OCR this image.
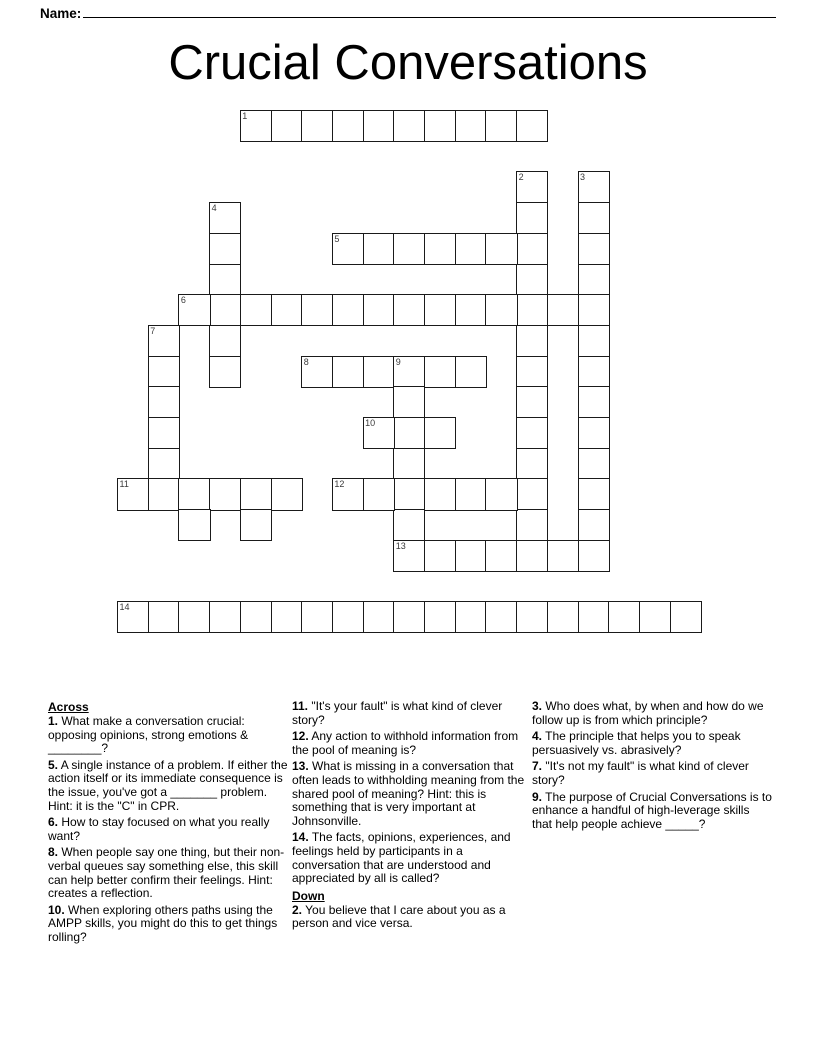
Name:
Crucial Conversations
1
2	3
4
5
6
7
8	9
10
11	12
13
14
Across
1. What make a conversation crucial: opposing opinions, strong emotions & ________?
5. A single instance of a problem. If either the action itself or its immediate consequence is the issue, you've got a _______ problem. Hint: it is the "C" in CPR.
6. How to stay focused on what you really want?
8. When people say one thing, but their non-verbal queues say something else, this skill can help better confirm their feelings. Hint: creates a reflection.
10. When exploring others paths using the AMPP skills, you might do this to get things rolling?
11. "It's your fault" is what kind of clever story?
12. Any action to withhold information from the pool of meaning is?
13. What is missing in a conversation that often leads to withholding meaning from the shared pool of meaning? Hint: this is something that is very important at Johnsonville.
14. The facts, opinions, experiences, and feelings held by participants in a conversation that are understood and appreciated by all is called?
Down
2. You believe that I care about you as a person and vice versa.
3. Who does what, by when and how do we follow up is from which principle?
4. The principle that helps you to speak persuasively vs. abrasively?
7. "It's not my fault" is what kind of clever story?
9. The purpose of Crucial Conversations is to enhance a handful of high-leverage skills that help people achieve _____?
